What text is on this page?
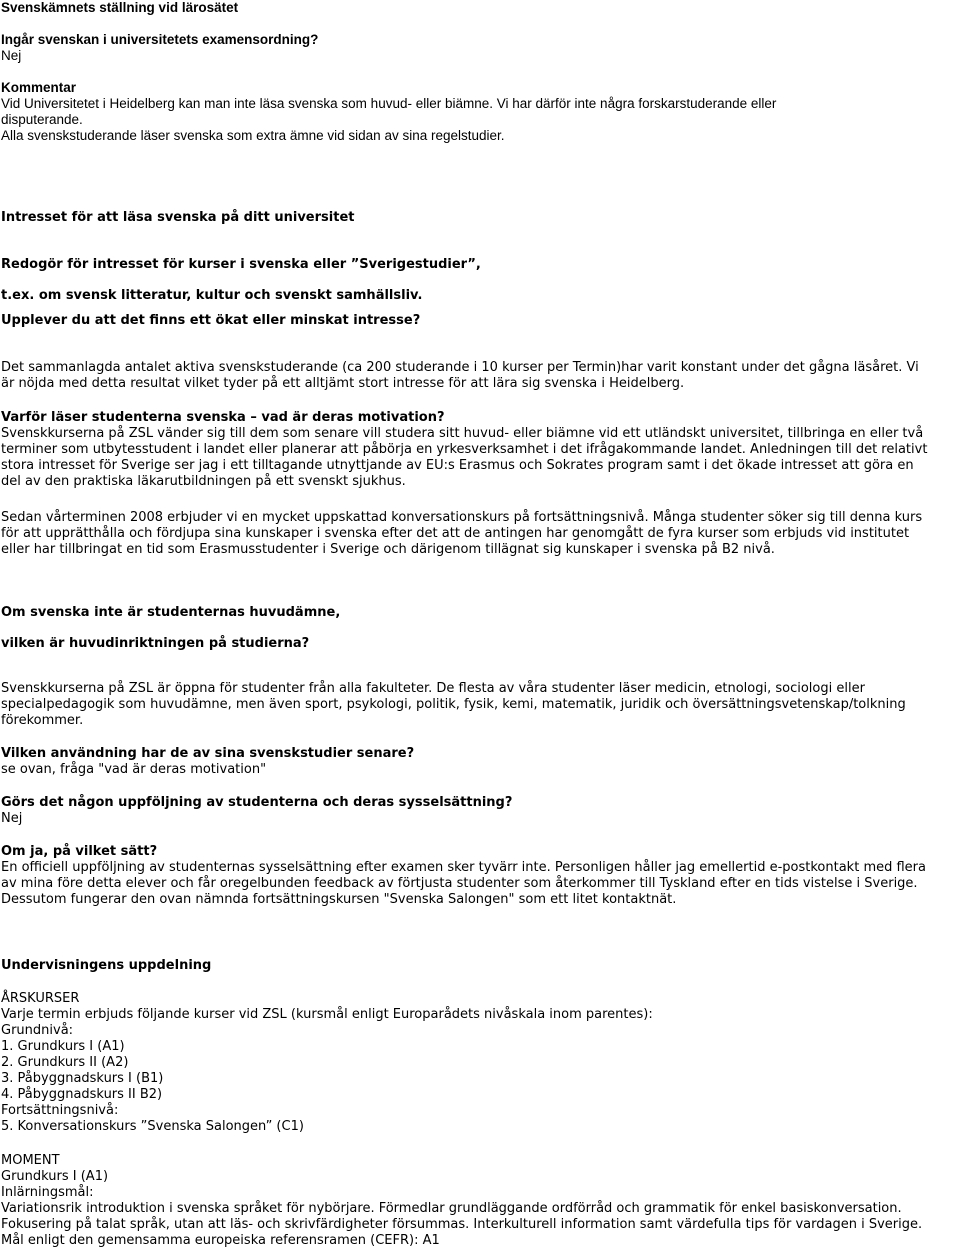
Svenskämnets ställning vid lärosätet
Ingår svenskan i universitetets examensordning?
Nej
Kommentar
Vid Universitetet i Heidelberg kan man inte läsa svenska som huvud- eller biämne. Vi har därför inte några forskarstuderande eller
disputerande.
Alla svenskstuderande läser svenska som extra ämne vid sidan av sina regelstudier.
Intresset för att läsa svenska på ditt universitet
Redogör för intresset för kurser i svenska eller ”Sverigestudier”,
t.ex. om svensk litteratur, kultur och svenskt samhällsliv.
Upplever du att det finns ett ökat eller minskat intresse?
Det sammanlagda antalet aktiva svenskstuderande (ca 200 studerande i 10 kurser per Termin)har varit konstant under det gågna läsåret. Vi
är nöjda med detta resultat vilket tyder på ett alltjämt stort intresse för att lära sig svenska i Heidelberg.
Varför läser studenterna svenska – vad är deras motivation?
Svenskkurserna på ZSL vänder sig till dem som senare vill studera sitt huvud- eller biämne vid ett utländskt universitet, tillbringa en eller två
terminer som utbytesstudent i landet eller planerar att påbörja en yrkesverksamhet i det ifrågakommande landet. Anledningen till det relativt
stora intresset för Sverige ser jag i ett tilltagande utnyttjande av EU:s Erasmus och Sokrates program samt i det ökade intresset att göra en
del av den praktiska läkarutbildningen på ett svenskt sjukhus.
Sedan vårterminen 2008 erbjuder vi en mycket uppskattad konversationskurs på fortsättningsnivå. Många studenter söker sig till denna kurs
för att upprätthålla och fördjupa sina kunskaper i svenska efter det att de antingen har genomgått de fyra kurser som erbjuds vid institutet
eller har tillbringat en tid som Erasmusstudenter i Sverige och därigenom tillägnat sig kunskaper i svenska på B2 nivå.
Om svenska inte är studenternas huvudämne,
vilken är huvudinriktningen på studierna?
Svenskkurserna på ZSL är öppna för studenter från alla fakulteter. De flesta av våra studenter läser medicin, etnologi, sociologi eller
specialpedagogik som huvudämne, men även sport, psykologi, politik, fysik, kemi, matematik, juridik och översättningsvetenskap/tolkning
förekommer.
Vilken användning har de av sina svenskstudier senare?
se ovan, fråga "vad är deras motivation"
Görs det någon uppföljning av studenterna och deras sysselsättning?
Nej
Om ja, på vilket sätt?
En officiell uppföljning av studenternas sysselsättning efter examen sker tyvärr inte. Personligen håller jag emellertid e-postkontakt med flera
av mina före detta elever och får oregelbunden feedback av förtjusta studenter som återkommer till Tyskland efter en tids vistelse i Sverige.
Dessutom fungerar den ovan nämnda fortsättningskursen "Svenska Salongen" som ett litet kontaktnät.
Undervisningens uppdelning
ÅRSKURSER
Varje termin erbjuds följande kurser vid ZSL (kursmål enligt Europarådets nivåskala inom parentes):
Grundnivå:
1. Grundkurs I (A1)
2. Grundkurs II (A2)
3. Påbyggnadskurs I (B1)
4. Påbyggnadskurs II B2)
Fortsättningsnivå:
5. Konversationskurs ”Svenska Salongen” (C1)
MOMENT
Grundkurs I (A1)
Inlärningsmål:
Variationsrik introduktion i svenska språket för nybörjare. Förmedlar grundläggande ordförråd och grammatik för enkel basiskonversation.
Fokusering på talat språk, utan att läs- och skrivfärdigheter försummas. Interkulturell information samt värdefulla tips för vardagen i Sverige.
Mål enligt den gemensamma europeiska referensramen (CEFR): A1
